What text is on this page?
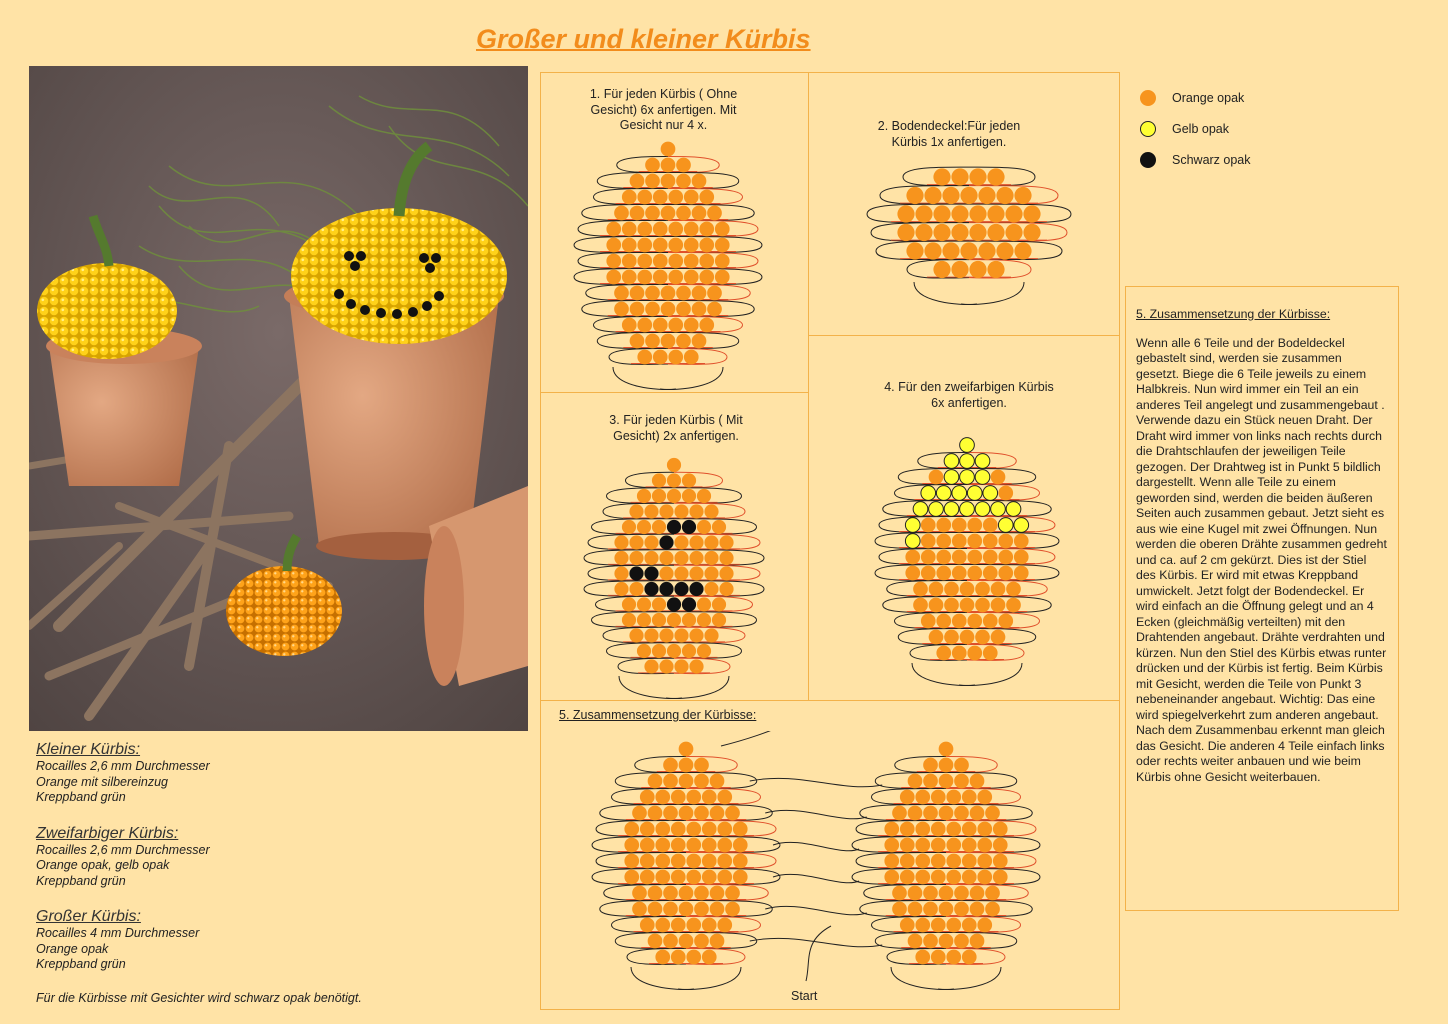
Großer und kleiner Kürbis
Kleiner Kürbis:
Rocailles 2,6 mm Durchmesser
Orange mit silbereinzug
Kreppband grün
Zweifarbiger Kürbis:
Rocailles 2,6 mm Durchmesser
Orange opak, gelb opak
Kreppband grün
Großer Kürbis:
Rocailles 4 mm Durchmesser
Orange opak
Kreppband grün
Für die Kürbisse mit Gesichter wird schwarz opak benötigt.
1. Für jeden Kürbis ( Ohne Gesicht) 6x anfertigen. Mit Gesicht nur 4 x.	2. Bodendeckel:Für jeden Kürbis 1x anfertigen.
3. Für jeden Kürbis ( Mit Gesicht) 2x anfertigen.
4. Für den zweifarbigen Kürbis 6x anfertigen.
5. Zusammensetzung der Kürbisse:
Start
Orange opak
Gelb opak
Schwarz opak
5. Zusammensetzung der Kürbisse:
Wenn alle 6 Teile und der Bodeldeckel gebastelt sind, werden sie zusammen gesetzt. Biege die 6 Teile jeweils zu einem Halbkreis. Nun wird immer ein Teil an ein anderes Teil angelegt und zusammengebaut . Verwende dazu ein Stück neuen Draht. Der Draht wird immer von links nach rechts durch die Drahtschlaufen der jeweiligen Teile gezogen. Der Drahtweg ist in Punkt 5 bildlich dargestellt. Wenn alle Teile zu einem geworden sind, werden die beiden äußeren Seiten auch zusammen gebaut. Jetzt sieht es aus wie eine Kugel mit zwei Öffnungen. Nun werden die oberen Drähte zusammen gedreht und ca. auf 2 cm gekürzt. Dies ist der Stiel des Kürbis. Er wird mit etwas Kreppband umwickelt. Jetzt folgt der Bodendeckel. Er wird einfach an die Öffnung gelegt und an 4 Ecken (gleichmäßig verteilten) mit den Drahtenden angebaut. Drähte verdrahten und kürzen. Nun den Stiel des Kürbis etwas runter drücken und der Kürbis ist fertig. Beim Kürbis mit Gesicht, werden die Teile von Punkt 3 nebeneinander angebaut. Wichtig: Das eine wird spiegelverkehrt zum anderen angebaut. Nach dem Zusammenbau erkennt man gleich das Gesicht. Die anderen 4 Teile einfach links oder rechts weiter anbauen und wie beim Kürbis ohne Gesicht weiterbauen.
